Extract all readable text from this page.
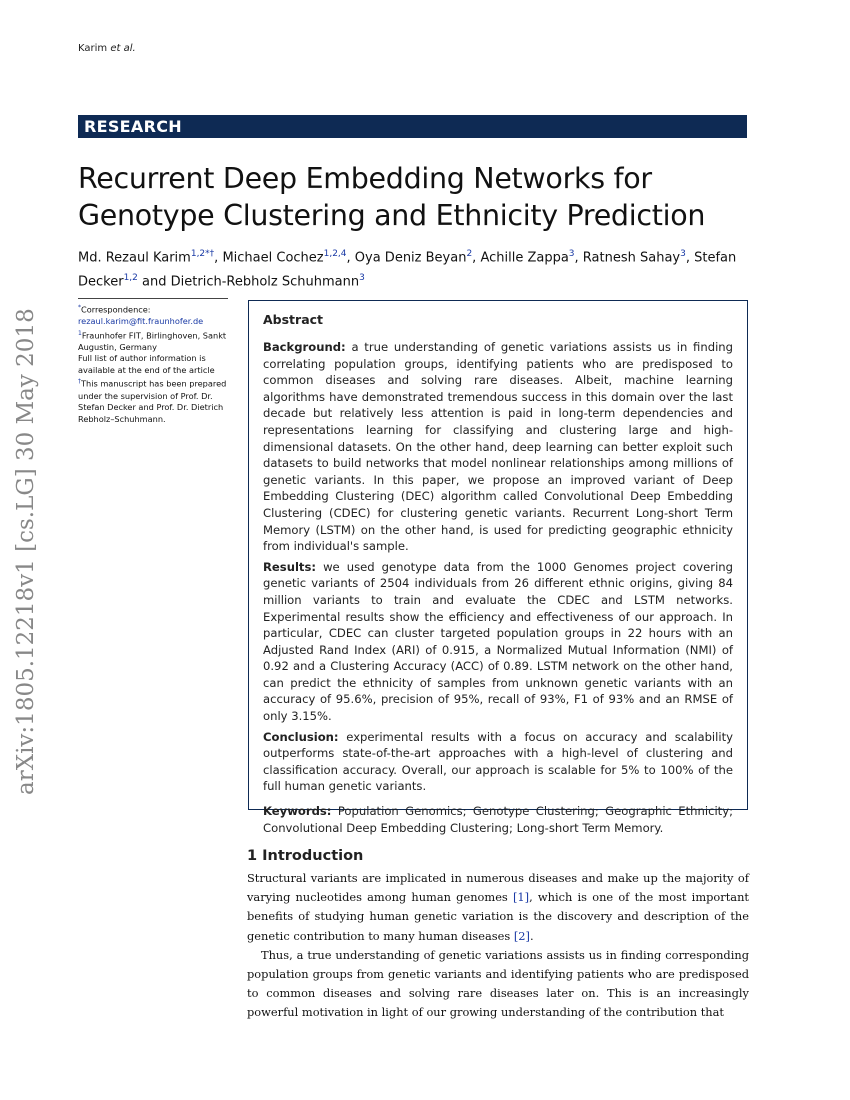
Karim et al.
RESEARCH
Recurrent Deep Embedding Networks for Genotype Clustering and Ethnicity Prediction
Md. Rezaul Karim$^{1,2*\dagger}$, Michael Cochez$^{1,2,4}$, Oya Deniz Beyan$^2$, Achille Zappa$^3$, Ratnesh Sahay$^3$, Stefan Decker$^{1,2}$ and Dietrich-Rebholz Schuhmann$^3$
arXiv:1805.12218v1 [cs.LG] 30 May 2018
*Correspondence:
rezaul.karim@fit.fraunhofer.de
$^1$Fraunhofer FIT, Birlinghoven, Sankt Augustin, Germany
Full list of author information is available at the end of the article
†This manuscript has been prepared under the supervision of Prof. Dr. Stefan Decker and Prof. Dr. Dietrich Rebholz–Schuhmann.
Abstract

Background: a true understanding of genetic variations assists us in finding correlating population groups, identifying patients who are predisposed to common diseases and solving rare diseases. Albeit, machine learning algorithms have demonstrated tremendous success in this domain over the last decade but relatively less attention is paid in long-term dependencies and representations learning for classifying and clustering large and high-dimensional datasets. On the other hand, deep learning can better exploit such datasets to build networks that model nonlinear relationships among millions of genetic variants. In this paper, we propose an improved variant of Deep Embedding Clustering (DEC) algorithm called Convolutional Deep Embedding Clustering (CDEC) for clustering genetic variants. Recurrent Long-short Term Memory (LSTM) on the other hand, is used for predicting geographic ethnicity from individual's sample.

Results: we used genotype data from the 1000 Genomes project covering genetic variants of 2504 individuals from 26 different ethnic origins, giving 84 million variants to train and evaluate the CDEC and LSTM networks. Experimental results show the efficiency and effectiveness of our approach. In particular, CDEC can cluster targeted population groups in 22 hours with an Adjusted Rand Index (ARI) of 0.915, a Normalized Mutual Information (NMI) of 0.92 and a Clustering Accuracy (ACC) of 0.89. LSTM network on the other hand, can predict the ethnicity of samples from unknown genetic variants with an accuracy of 95.6%, precision of 95%, recall of 93%, F1 of 93% and an RMSE of only 3.15%.

Conclusion: experimental results with a focus on accuracy and scalability outperforms state-of-the-art approaches with a high-level of clustering and classification accuracy. Overall, our approach is scalable for 5% to 100% of the full human genetic variants.

Keywords: Population Genomics; Genotype Clustering; Geographic Ethnicity; Convolutional Deep Embedding Clustering; Long-short Term Memory.

1 Introduction

Structural variants are implicated in numerous diseases and make up the majority of varying nucleotides among human genomes [1], which is one of the most important benefits of studying human genetic variation is the discovery and description of the genetic contribution to many human diseases [2].

Thus, a true understanding of genetic variations assists us in finding corresponding population groups from genetic variants and identifying patients who are predisposed to common diseases and solving rare diseases later on. This is an increasingly powerful motivation in light of our growing understanding of the contribution that
